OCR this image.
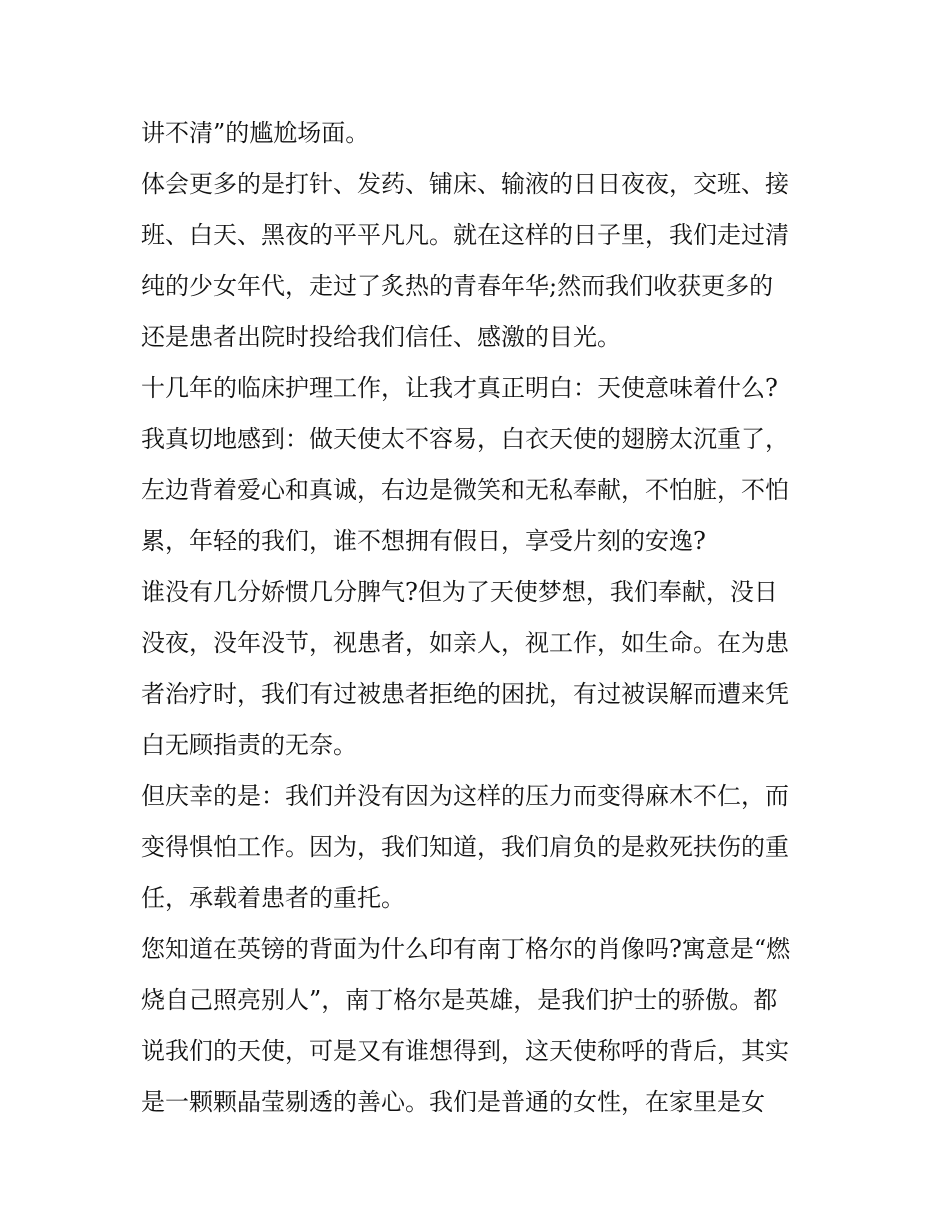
讲不清”的尴尬场面。
体会更多的是打针、发药、铺床、输液的日日夜夜，交班、接
班、白天、黑夜的平平凡凡。就在这样的日子里，我们走过清
纯的少女年代，走过了炙热的青春年华;然而我们收获更多的
还是患者出院时投给我们信任、感激的目光。
十几年的临床护理工作，让我才真正明白：天使意味着什么?
我真切地感到：做天使太不容易，白衣天使的翅膀太沉重了，
左边背着爱心和真诚，右边是微笑和无私奉献，不怕脏，不怕
累，年轻的我们，谁不想拥有假日，享受片刻的安逸?
谁没有几分娇惯几分脾气?但为了天使梦想，我们奉献，没日
没夜，没年没节，视患者，如亲人，视工作，如生命。在为患
者治疗时，我们有过被患者拒绝的困扰，有过被误解而遭来凭
白无顾指责的无奈。
但庆幸的是：我们并没有因为这样的压力而变得麻木不仁，而
变得惧怕工作。因为，我们知道，我们肩负的是救死扶伤的重
任，承载着患者的重托。
您知道在英镑的背面为什么印有南丁格尔的肖像吗?寓意是“燃
烧自己照亮别人”，南丁格尔是英雄，是我们护士的骄傲。都
说我们的天使，可是又有谁想得到，这天使称呼的背后，其实
是一颗颗晶莹剔透的善心。我们是普通的女性，在家里是女
